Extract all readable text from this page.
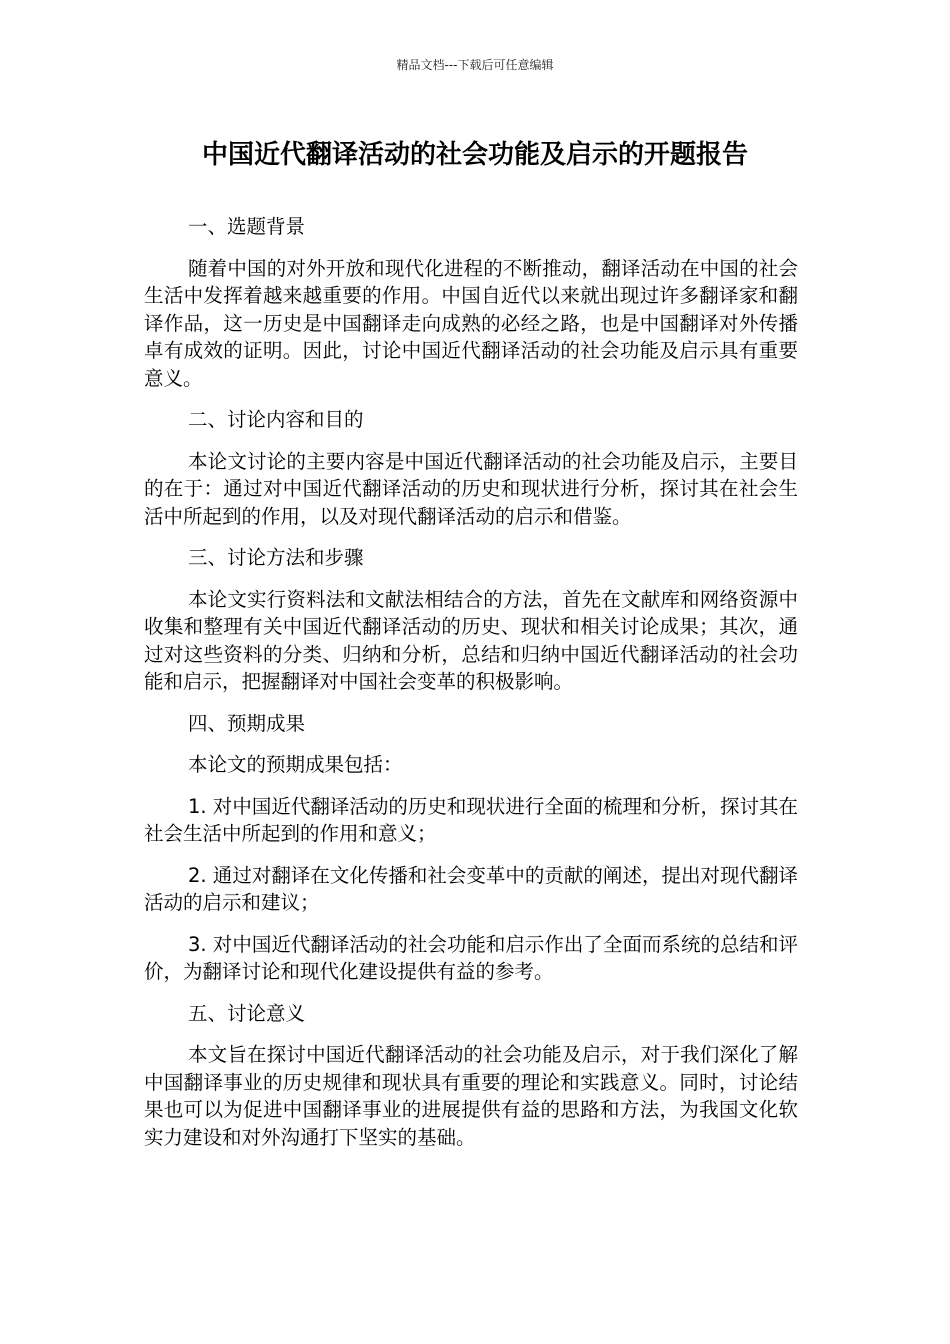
精品文档---下载后可任意编辑
中国近代翻译活动的社会功能及启示的开题报告
一、选题背景

随着中国的对外开放和现代化进程的不断推动，翻译活动在中国的社会生活中发挥着越来越重要的作用。中国自近代以来就出现过许多翻译家和翻译作品，这一历史是中国翻译走向成熟的必经之路，也是中国翻译对外传播卓有成效的证明。因此，讨论中国近代翻译活动的社会功能及启示具有重要意义。

二、讨论内容和目的

本论文讨论的主要内容是中国近代翻译活动的社会功能及启示，主要目的在于：通过对中国近代翻译活动的历史和现状进行分析，探讨其在社会生活中所起到的作用，以及对现代翻译活动的启示和借鉴。

三、讨论方法和步骤

本论文实行资料法和文献法相结合的方法，首先在文献库和网络资源中收集和整理有关中国近代翻译活动的历史、现状和相关讨论成果；其次，通过对这些资料的分类、归纳和分析，总结和归纳中国近代翻译活动的社会功能和启示，把握翻译对中国社会变革的积极影响。

四、预期成果

本论文的预期成果包括：

1. 对中国近代翻译活动的历史和现状进行全面的梳理和分析，探讨其在社会生活中所起到的作用和意义；

2. 通过对翻译在文化传播和社会变革中的贡献的阐述，提出对现代翻译活动的启示和建议；

3. 对中国近代翻译活动的社会功能和启示作出了全面而系统的总结和评价，为翻译讨论和现代化建设提供有益的参考。

五、讨论意义

本文旨在探讨中国近代翻译活动的社会功能及启示，对于我们深化了解中国翻译事业的历史规律和现状具有重要的理论和实践意义。同时，讨论结果也可以为促进中国翻译事业的进展提供有益的思路和方法，为我国文化软实力建设和对外沟通打下坚实的基础。
